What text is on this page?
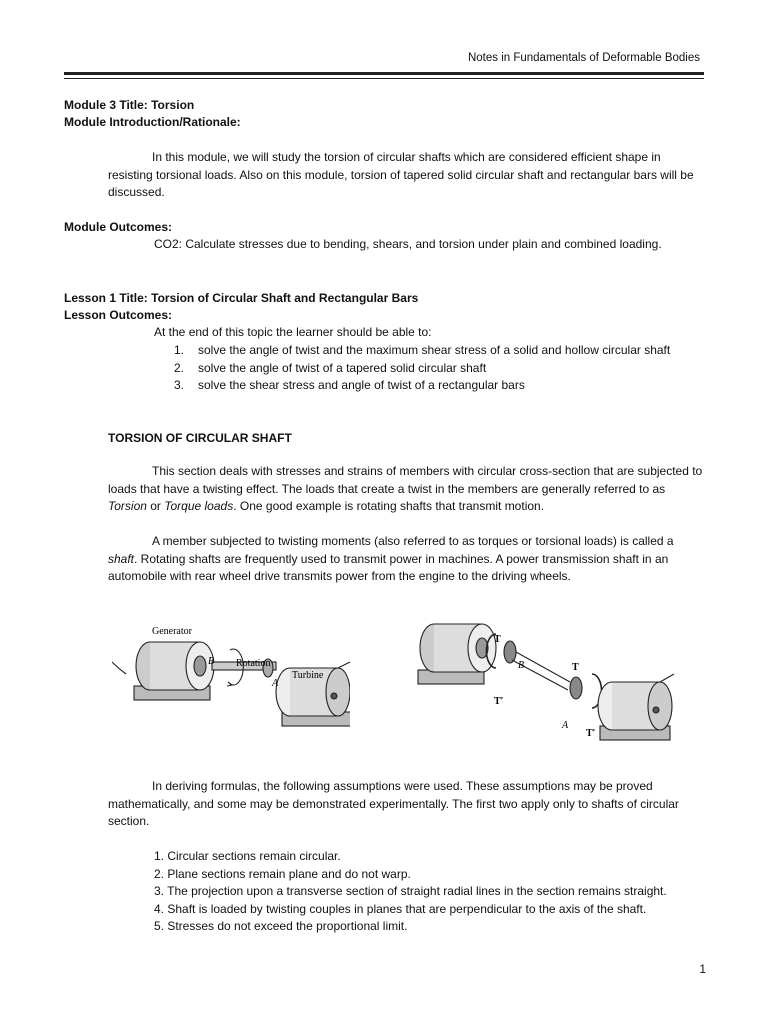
Notes in Fundamentals of Deformable Bodies
Module 3 Title: Torsion
Module Introduction/Rationale:
In this module, we will study the torsion of circular shafts which are considered efficient shape in resisting torsional loads. Also on this module, torsion of tapered solid circular shaft and rectangular bars will be discussed.
Module Outcomes:
CO2: Calculate stresses due to bending, shears, and torsion under plain and combined loading.
Lesson 1 Title: Torsion of Circular Shaft and Rectangular Bars
Lesson Outcomes:
At the end of this topic the learner should be able to:
1. solve the angle of twist and the maximum shear stress of a solid and hollow circular shaft
2. solve the angle of twist of a tapered solid circular shaft
3. solve the shear stress and angle of twist of a rectangular bars
TORSION OF CIRCULAR SHAFT
This section deals with stresses and strains of members with circular cross-section that are subjected to loads that have a twisting effect. The loads that create a twist in the members are generally referred to as Torsion or Torque loads. One good example is rotating shafts that transmit motion.
A member subjected to twisting moments (also referred to as torques or torsional loads) is called a shaft. Rotating shafts are frequently used to transmit power in machines. A power transmission shaft in an automobile with rear wheel drive transmits power from the engine to the driving wheels.
Generator
B Rotation
Turbine
A
T
B	T
T′
A
T′
In deriving formulas, the following assumptions were used. These assumptions may be proved mathematically, and some may be demonstrated experimentally. The first two apply only to shafts of circular section.
1. Circular sections remain circular.
2. Plane sections remain plane and do not warp.
3. The projection upon a transverse section of straight radial lines in the section remains straight.
4. Shaft is loaded by twisting couples in planes that are perpendicular to the axis of the shaft.
5. Stresses do not exceed the proportional limit.
1
